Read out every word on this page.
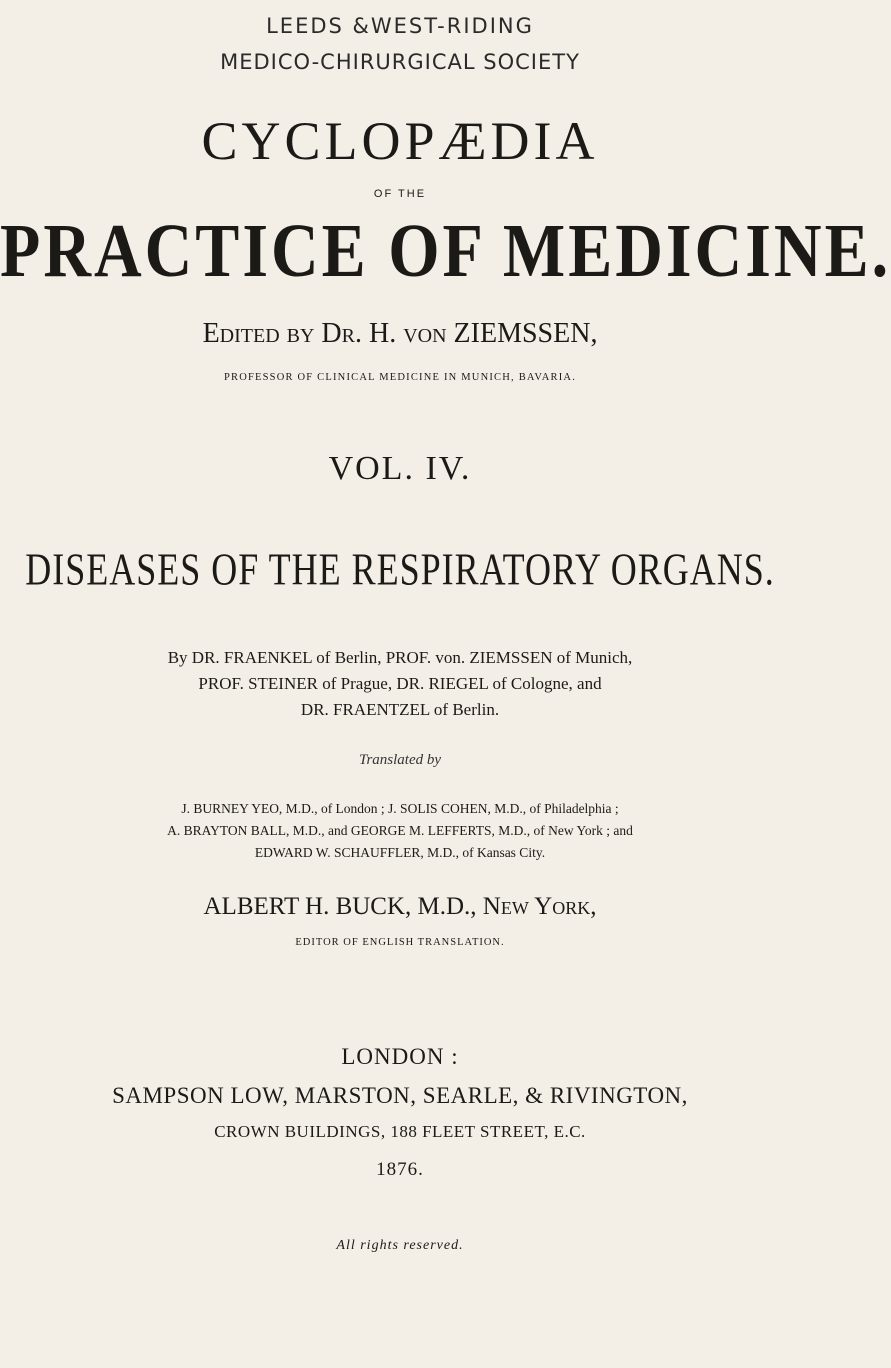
LEEDS &WEST-RIDING
MEDICO-CHIRURGICAL SOCIETY
CYCLOPÆDIA
OF THE
PRACTICE OF MEDICINE.
Edited by Dr. H. von ZIEMSSEN,
PROFESSOR OF CLINICAL MEDICINE IN MUNICH, BAVARIA.
VOL. IV.
DISEASES OF THE RESPIRATORY ORGANS.
By DR. FRAENKEL of Berlin, PROF. von. ZIEMSSEN of Munich,
PROF. STEINER of Prague, DR. RIEGEL of Cologne, and
DR. FRAENTZEL of Berlin.
Translated by
J. BURNEY YEO, M.D., of London ; J. SOLIS COHEN, M.D., of Philadelphia ;
A. BRAYTON BALL, M.D., and GEORGE M. LEFFERTS, M.D., of New York ; and
EDWARD W. SCHAUFFLER, M.D., of Kansas City.
ALBERT H. BUCK, M.D., New York,
EDITOR OF ENGLISH TRANSLATION.
LONDON :
SAMPSON LOW, MARSTON, SEARLE, & RIVINGTON,
CROWN BUILDINGS, 188 FLEET STREET, E.C.
1876.
All rights reserved.
